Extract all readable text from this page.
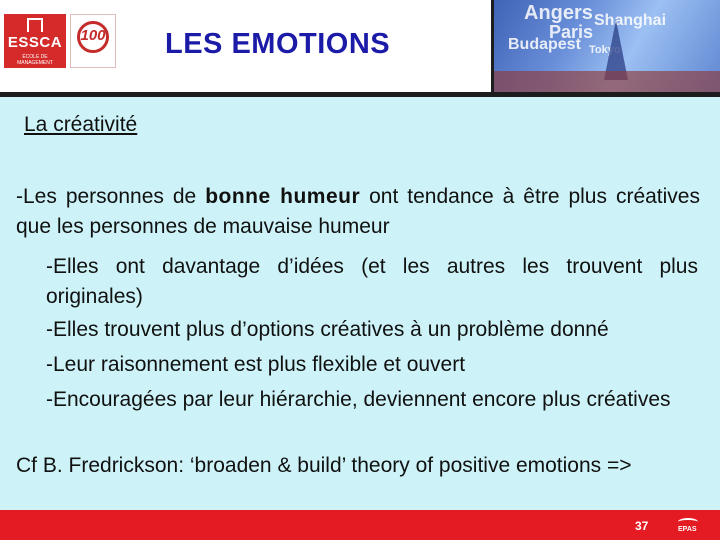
ESSCA
ÉCOLE DE MANAGEMENT
100	LES EMOTIONS
Angers Shanghai
Paris
Budapest Tokyo

La créativité

-Les personnes de bonne humeur ont tendance à être plus créatives que les personnes de mauvaise humeur

-Elles ont davantage d’idées (et les autres les trouvent plus originales)

-Elles trouvent plus d’options créatives à un problème donné

-Leur raisonnement est plus flexible et ouvert

-Encouragées par leur hiérarchie, deviennent encore plus créatives

Cf B. Fredrickson: ‘broaden & build’ theory of positive emotions =>

37	EPAS
